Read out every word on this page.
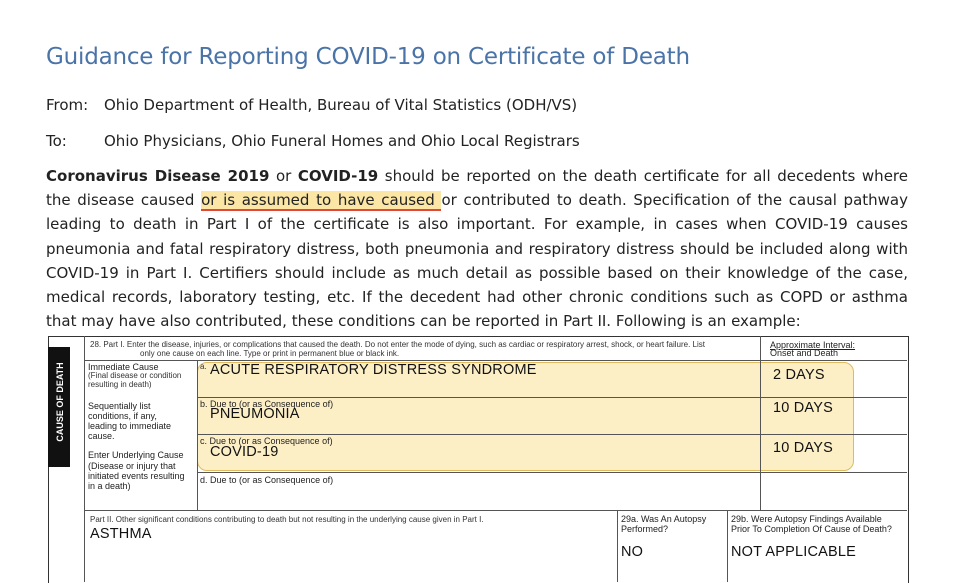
Guidance for Reporting COVID-19 on Certificate of Death
From: Ohio Department of Health, Bureau of Vital Statistics (ODH/VS)
To: Ohio Physicians, Ohio Funeral Homes and Ohio Local Registrars
Coronavirus Disease 2019 or COVID-19 should be reported on the death certificate for all decedents where the disease caused or is assumed to have caused or contributed to death. Specification of the causal pathway leading to death in Part I of the certificate is also important. For example, in cases when COVID-19 causes pneumonia and fatal respiratory distress, both pneumonia and respiratory distress should be included along with COVID-19 in Part I. Certifiers should include as much detail as possible based on their knowledge of the case, medical records, laboratory testing, etc. If the decedent had other chronic conditions such as COPD or asthma that may have also contributed, these conditions can be reported in Part II. Following is an example:
CAUSE OF DEATH
28. Part I. Enter the disease, injuries, or complications that caused the death. Do not enter the mode of dying, such as cardiac or respiratory arrest, shock, or heart failure. List
only one cause on each line. Type or print in permanent blue or black ink.
Approximate Interval:
Onset and Death
Immediate Cause
(Final disease or condition resulting in death)
Sequentially list conditions, if any, leading to immediate cause.
Enter Underlying Cause
(Disease or injury that initiated events resulting in a death)
a. ACUTE RESPIRATORY DISTRESS SYNDROME	2 DAYS
b. Due to (or as Consequence of)
PNEUMONIA	10 DAYS
c. Due to (or as Consequence of)
COVID-19	10 DAYS
d. Due to (or as Consequence of)
Part II. Other significant conditions contributing to death but not resulting in the underlying cause given in Part I.
ASTHMA
29a. Was An Autopsy Performed?
NO
29b. Were Autopsy Findings Available Prior To Completion Of Cause of Death?
NOT APPLICABLE
